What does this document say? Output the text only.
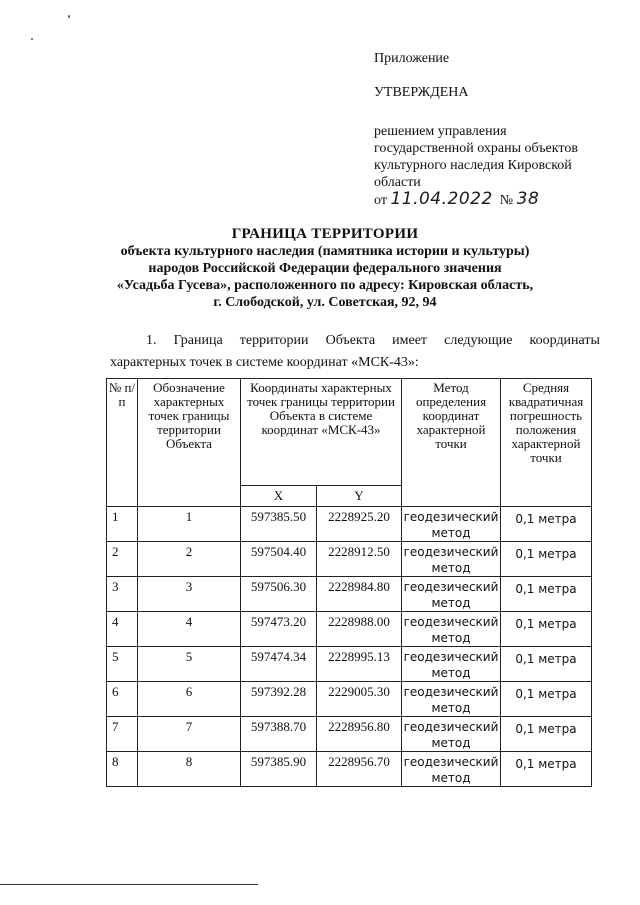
Приложение
УТВЕРЖДЕНА
решением управления
государственной охраны объектов
культурного наследия Кировской
области
от 11.04.2022 № 38
ГРАНИЦА ТЕРРИТОРИИ
объекта культурного наследия (памятника истории и культуры)
народов Российской Федерации федерального значения
«Усадьба Гусева», расположенного по адресу: Кировская область,
г. Слободской, ул. Советская, 92, 94
1. Граница территории Объекта имеет следующие координаты
характерных точек в системе координат «МСК-43»:
№ п/п	Обозначение характерных точек границы территории Объекта	Координаты характерных точек границы территории Объекта в системе координат «МСК-43»		Метод определения координат характерной точки	Средняя квадратичная погрешность положения характерной точки
		X	Y		
1	1	597385.50	2228925.20	геодезический метод	0,1 метра
2	2	597504.40	2228912.50	геодезический метод	0,1 метра
3	3	597506.30	2228984.80	геодезический метод	0,1 метра
4	4	597473.20	2228988.00	геодезический метод	0,1 метра
5	5	597474.34	2228995.13	геодезический метод	0,1 метра
6	6	597392.28	2229005.30	геодезический метод	0,1 метра
7	7	597388.70	2228956.80	геодезический метод	0,1 метра
8	8	597385.90	2228956.70	геодезический метод	0,1 метра
